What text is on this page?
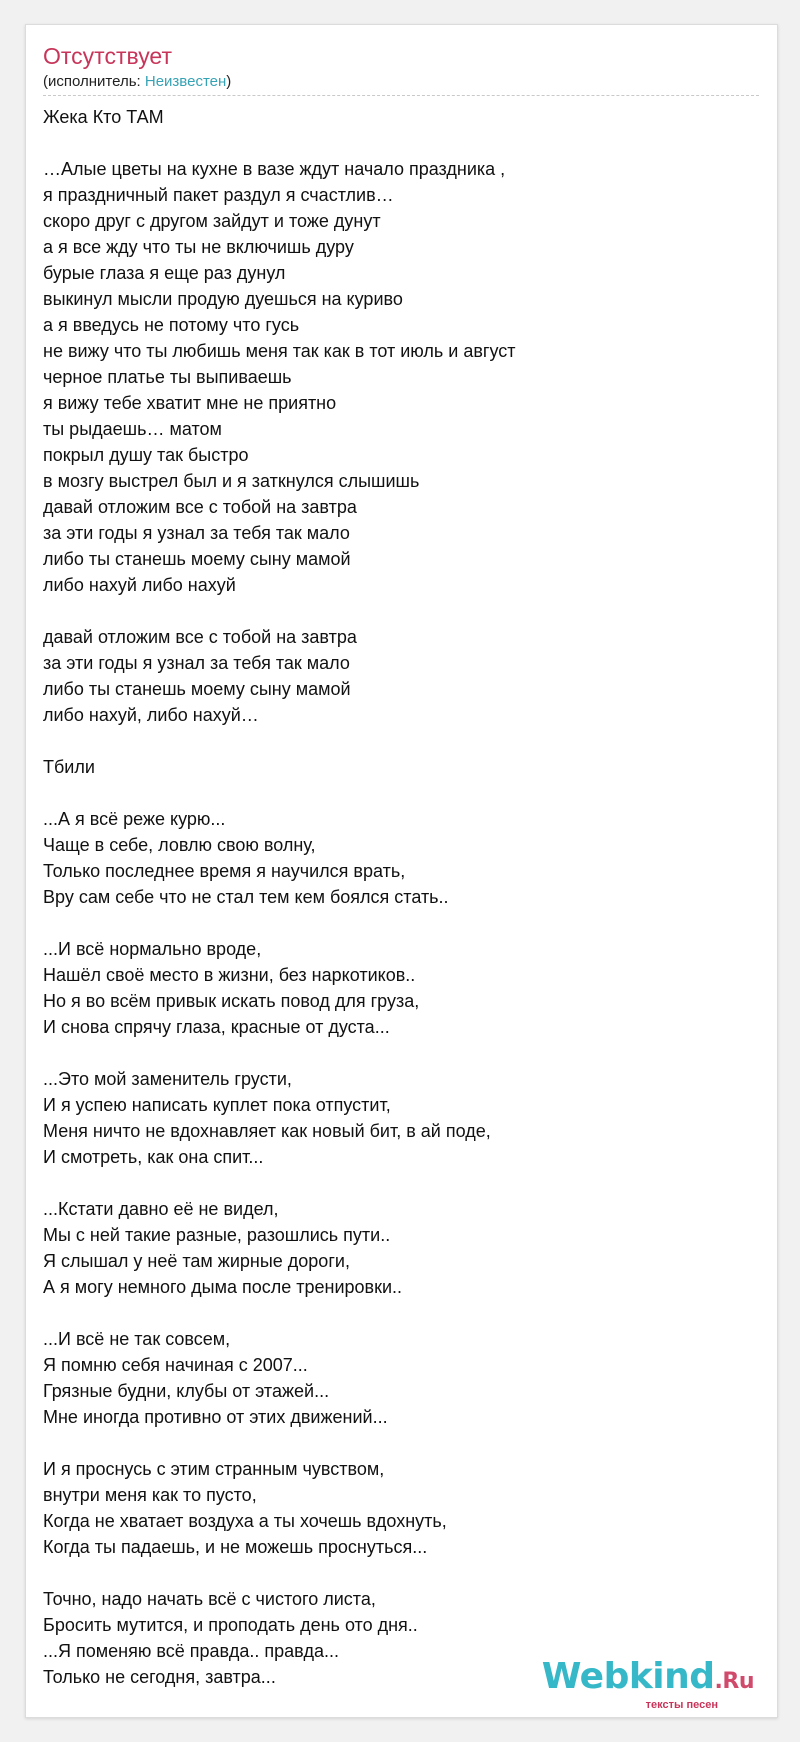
Отсутствует
(исполнитель: Неизвестен)
Жека Кто ТАМ

…Алые цветы на кухне в вазе ждут начало праздника ,
я праздничный пакет раздул я счастлив…
скоро друг с другом зайдут и тоже дунут
а я все жду что ты не включишь дуру
бурые глаза я еще раз дунул
выкинул мысли продую дуешься на куриво
а я введусь не потому что гусь
не вижу что ты любишь меня так как в тот июль и август
черное платье ты выпиваешь
я вижу тебе хватит мне не приятно
ты рыдаешь… матом
покрыл душу так быстро
в мозгу выстрел был и я заткнулся слышишь
давай отложим все с тобой на завтра
за эти годы я узнал за тебя так мало
либо ты станешь моему сыну мамой
либо нахуй либо нахуй

давай отложим все с тобой на завтра
за эти годы я узнал за тебя так мало
либо ты станешь моему сыну мамой
либо нахуй, либо нахуй…

Тбили

...А я всё реже курю...
Чаще в себе, ловлю свою волну,
Только последнее время я научился врать,
Вру сам себе что не стал тем кем боялся стать..

...И всё нормально вроде,
Нашёл своё место в жизни, без наркотиков..
Но я во всём привык искать повод для груза,
И снова спрячу глаза, красные от дуста...

...Это мой заменитель грусти,
И я успею написать куплет пока отпустит,
Меня ничто не вдохнавляет как новый бит, в ай поде,
И смотреть, как она спит...

...Кстати давно её не видел,
Мы с ней такие разные, разошлись пути..
Я слышал у неё там жирные дороги,
А я могу немного дыма после тренировки..

...И всё не так совсем,
Я помню себя начиная с 2007...
Грязные будни, клубы от этажей...
Мне иногда противно от этих движений...

И я проснусь с этим странным чувством,
внутри меня как то пусто,
Когда не хватает воздуха а ты хочешь вдохнуть,
Когда ты падаешь, и не можешь проснуться...

Точно, надо начать всё с чистого листа,
Бросить мутится, и проподать день ото дня..
...Я поменяю всё правда.. правда...
Только не сегодня, завтра...	Webkind.Ru
тексты песен
